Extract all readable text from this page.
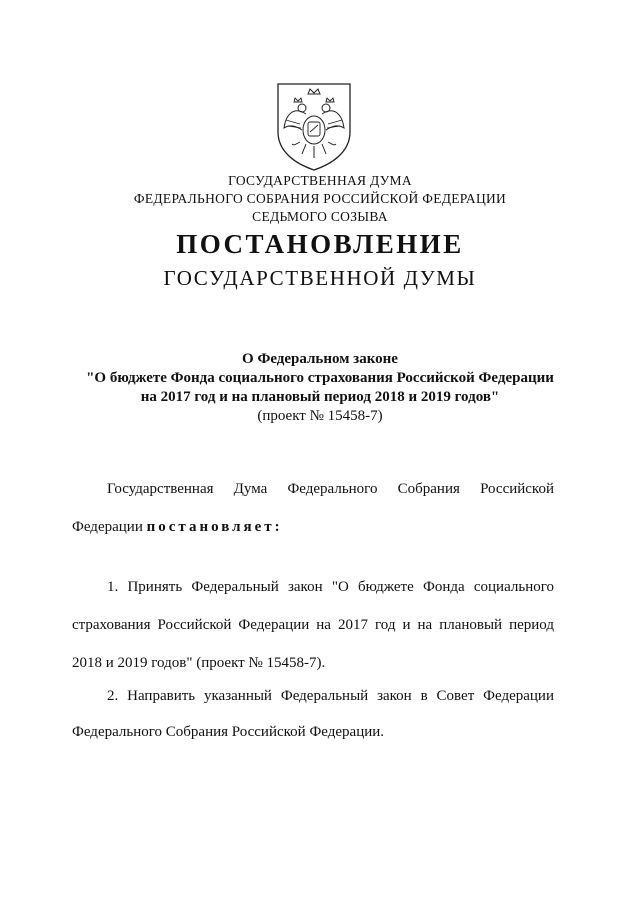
ГОСУДАРСТВЕННАЯ ДУМА
ФЕДЕРАЛЬНОГО СОБРАНИЯ РОССИЙСКОЙ ФЕДЕРАЦИИ
СЕДЬМОГО СОЗЫВА
ПОСТАНОВЛЕНИЕ
ГОСУДАРСТВЕННОЙ ДУМЫ
О Федеральном законе
"О бюджете Фонда социального страхования Российской Федерации
на 2017 год и на плановый период 2018 и 2019 годов"
(проект № 15458-7)
Государственная Дума Федерального Собрания Российской
Федерации постановляет:
1. Принять Федеральный закон "О бюджете Фонда социального
страхования Российской Федерации на 2017 год и на плановый период
2018 и 2019 годов" (проект № 15458-7).
2. Направить указанный Федеральный закон в Совет Федерации
Федерального Собрания Российской Федерации.
